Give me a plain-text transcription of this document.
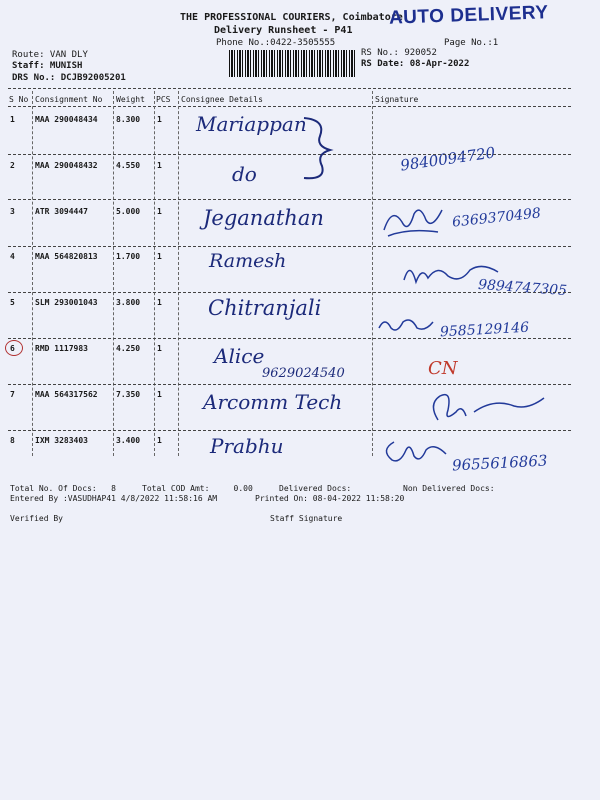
THE PROFESSIONAL COURIERS, Coimbatore
Delivery Runsheet - P41
Phone No.:0422-3505555	Page No.:1
AUTO DELIVERY
Route: VAN DLY
Staff: MUNISH
DRS No.: DCJB92005201
RS No.: 920052
RS Date: 08-Apr-2022
S No Consignment No Weight PCS Consignee Details	Signature
1	MAA 290048434 8.300 1 Mariappan
9840094720
2	MAA 290048432 4.550 1	do
3	ATR 3094447	5.000 1 Jeganathan	6369370498
4	MAA 564820813 1.700 1 Ramesh
9894747305
5	SLM 293001043 3.800 1 Chitranjali
9585129146
6	RMD 1117983	4.250 1	Alice
9629024540	CN
7	MAA 564317562 7.350 1 Arcomm Tech
8	IXM 3283403	3.400 1 Prabhu
9655616863
Total No. Of Docs:   8	Total COD Amt:     0.00	Delivered Docs:	Non Delivered Docs:
Entered By :VASUDHAP41 4/8/2022 11:58:16 AM	Printed On: 08-04-2022 11:58:20
Verified By	Staff Signature
